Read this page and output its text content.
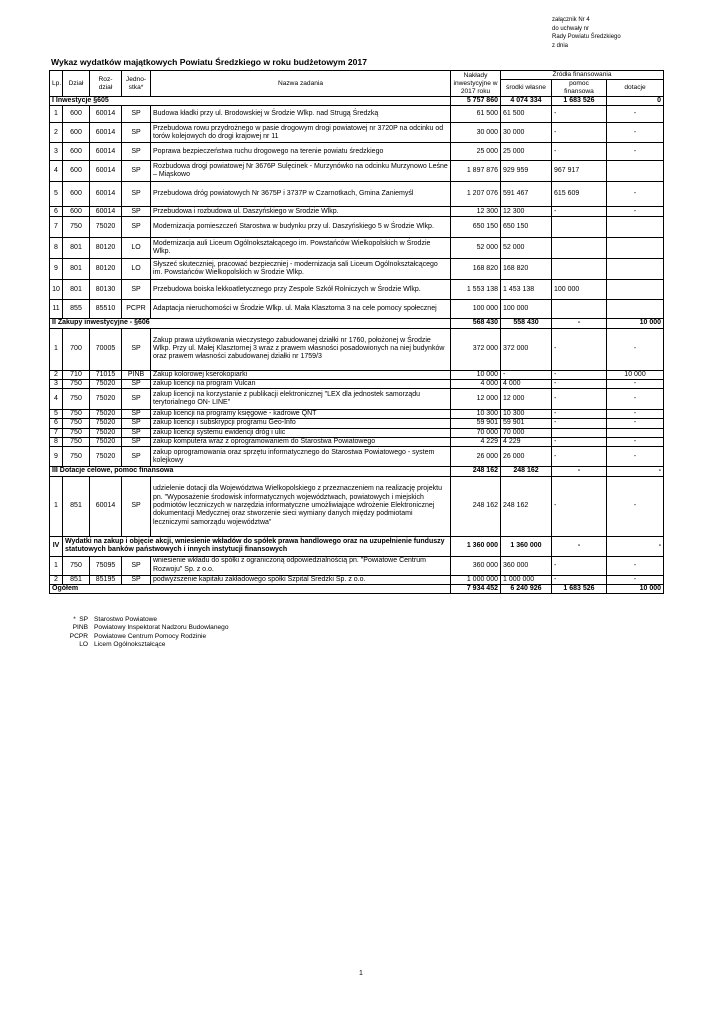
załącznik Nr 4
do uchwały nr
Rady Powiatu Średzkiego
z dnia
Wykaz wydatków majątkowych Powiatu Średzkiego w roku budżetowym 2017
Lp.	Dział	Roz-dział	Jedno-stka*	Nazwa zadania	Nakłady inwestycyjne w 2017 roku	Źródła finansowania		
						środki własne	pomoc finansowa	dotacje
I Inwestycje §605					5 757 860	4 074 334	1 683 526	0
1	600	60014	SP	Budowa kładki przy ul. Brodowskiej w Środzie Wlkp. nad Strugą Średzką	61 500	61 500	-	-
2	600	60014	SP	Przebudowa rowu przydrożnego w pasie drogowym drogi powiatowej nr 3720P na odcinku od torów kolejowych do drogi krajowej nr 11	30 000	30 000	-	-
3	600	60014	SP	Poprawa bezpieczeństwa ruchu drogowego na terenie powiatu średzkiego	25 000	25 000	-	-
4	600	60014	SP	Rozbudowa drogi powiatowej Nr 3676P Sulęcinek - Murzynówko na odcinku Murzynowo Leśne – Miąskowo	1 897 876	929 959	967 917	
5	600	60014	SP	Przebudowa dróg powiatowych Nr 3675P i 3737P w Czarnotkach, Gmina Zaniemyśl	1 207 076	591 467	615 609	-
6	600	60014	SP	Przebudowa i rozbudowa ul. Daszyńskiego w Środzie Wlkp.	12 300	12 300	-	-
7	750	75020	SP	Modernizacja pomieszczeń Starostwa w budynku przy ul. Daszyńskiego 5 w Środzie Wlkp.	650 150	650 150		
8	801	80120	LO	Modernizacja auli Liceum Ogólnokształcącego im. Powstańców Wielkopolskich w Środzie Wlkp.	52 000	52 000		
9	801	80120	LO	Słyszeć skuteczniej, pracować bezpieczniej - modernizacja sali Liceum Ogólnokształcącego im. Powstańców Wielkopolskich w Środzie Wlkp.	168 820	168 820		
10	801	80130	SP	Przebudowa boiska lekkoatletycznego przy Zespole Szkół Rolniczych w Środzie Wlkp.	1 553 138	1 453 138	100 000	
11	855	85510	PCPR	Adaptacja nieruchomości w Środzie Wlkp. ul. Mała Klasztorna 3 na cele pomocy społecznej	100 000	100 000		
II Zakupy inwestycyjne - §606					568 430	558 430	-	10 000
1	700	70005	SP	Zakup prawa użytkowania wieczystego zabudowanej działki nr 1760, położonej w Środzie Wlkp. Przy ul. Małej Klasztornej 3 wraz z prawem własności posadowionych na niej budynków oraz prawem własności zabudowanej działki nr 1759/3	372 000	372 000	-	-
2	710	71015	PINB	Zakup kolorowej kserokopiarki	10 000	-	-	10 000
3	750	75020	SP	zakup licencji na program Vulcan	4 000	4 000	-	-
4	750	75020	SP	zakup licencji na korzystanie z publikacji elektronicznej "LEX dla jednostek samorządu terytorialnego ON- LINE"	12 000	12 000	-	-
5	750	75020	SP	zakup licencji na programy księgowe - kadrowe QNT	10 300	10 300	-	-
6	750	75020	SP	zakup licencji i subskrypcji programu Geo-Info	59 901	59 901	-	-
7	750	75020	SP	zakup licencji systemu ewidencji dróg i ulic	70 000	70 000		
8	750	75020	SP	zakup komputera wraz z oprogramowaniem do Starostwa Powiatowego	4 229	4 229	-	-
9	750	75020	SP	zakup oprogramowania oraz sprzętu informatycznego do Starostwa Powiatowego - system kolejkowy	26 000	26 000	-	-
III Dotacje celowe, pomoc finansowa					248 162	248 162	-	-
1	851	60014	SP	udzielenie dotacji dla Województwa Wielkopolskiego z przeznaczeniem na realizację projektu pn. "Wyposażenie środowisk informatycznych województwach, powiatowych i miejskich podmiotów leczniczych w narzędzia informatyczne umożliwiające wdrożenie Elektronicznej dokumentacji Medycznej oraz stworzenie sieci wymiany danych między podmiotami leczniczymi samorządu województwa"	248 162	248 162	-	-
IV	Wydatki na zakup i objęcie akcji, wniesienie wkładów do spółek prawa handlowego oraz na uzupełnienie funduszy statutowych banków państwowych i innych instytucji finansowych				1 360 000	1 360 000	-	-
1	750	75095	SP	wniesienie wkładu do spółki z ograniczoną odpowiedzialnością pn. "Powiatowe Centrum Rozwoju" Sp. z o.o.	360 000	360 000	-	-
2	851	85195	SP	podwyższenie kapitału zakładowego spółki Szpital Średzki Sp. z o.o.	1 000 000	1 000 000	-	-
Ogółem					7 934 452	6 240 926	1 683 526	10 000
* SP Starostwo Powiatowe
PINB Powiatowy Inspektorat Nadzoru Budowlanego
PCPR Powiatowe Centrum Pomocy Rodzinie
LO Licem Ogólnokształcące
1
